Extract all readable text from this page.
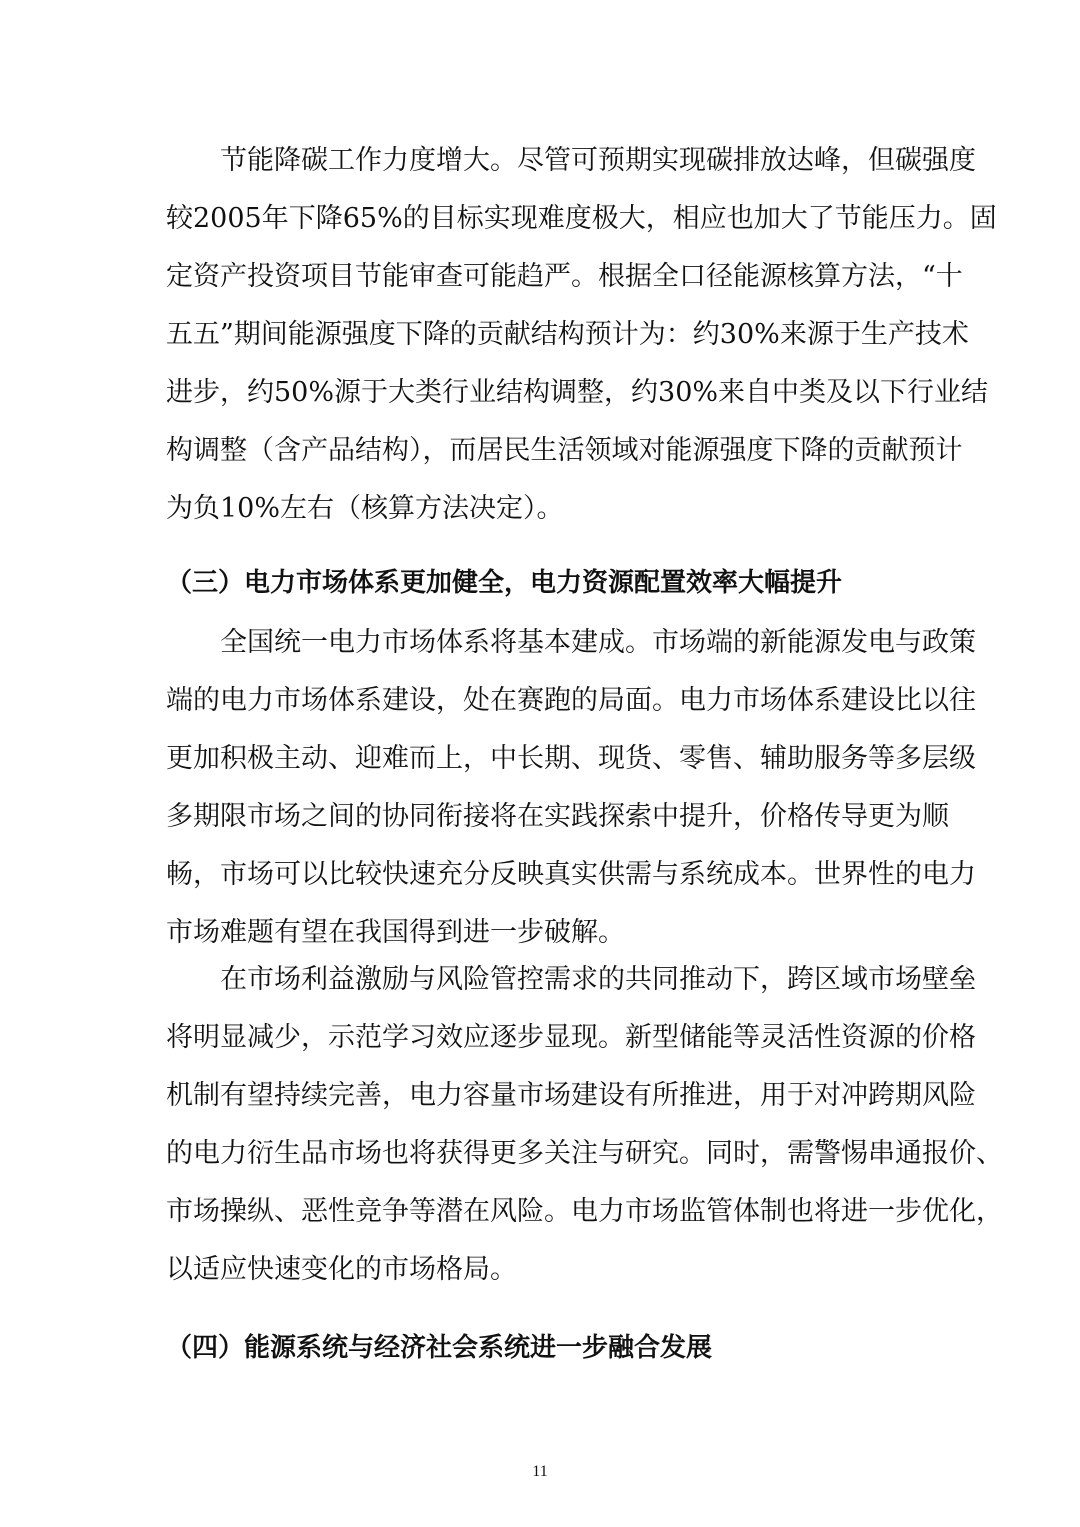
节能降碳工作力度增大。尽管可预期实现碳排放达峰，但碳强度
较2005年下降65%的目标实现难度极大，相应也加大了节能压力。固
定资产投资项目节能审查可能趋严。根据全口径能源核算方法，“十
五五”期间能源强度下降的贡献结构预计为：约30%来源于生产技术
进步，约50%源于大类行业结构调整，约30%来自中类及以下行业结
构调整（含产品结构），而居民生活领域对能源强度下降的贡献预计
为负10%左右（核算方法决定）。
（三）电力市场体系更加健全，电力资源配置效率大幅提升
全国统一电力市场体系将基本建成。市场端的新能源发电与政策
端的电力市场体系建设，处在赛跑的局面。电力市场体系建设比以往
更加积极主动、迎难而上，中长期、现货、零售、辅助服务等多层级
多期限市场之间的协同衔接将在实践探索中提升，价格传导更为顺
畅，市场可以比较快速充分反映真实供需与系统成本。世界性的电力
市场难题有望在我国得到进一步破解。
在市场利益激励与风险管控需求的共同推动下，跨区域市场壁垒
将明显减少，示范学习效应逐步显现。新型储能等灵活性资源的价格
机制有望持续完善，电力容量市场建设有所推进，用于对冲跨期风险
的电力衍生品市场也将获得更多关注与研究。同时，需警惕串通报价、
市场操纵、恶性竞争等潜在风险。电力市场监管体制也将进一步优化，
以适应快速变化的市场格局。
（四）能源系统与经济社会系统进一步融合发展
11
